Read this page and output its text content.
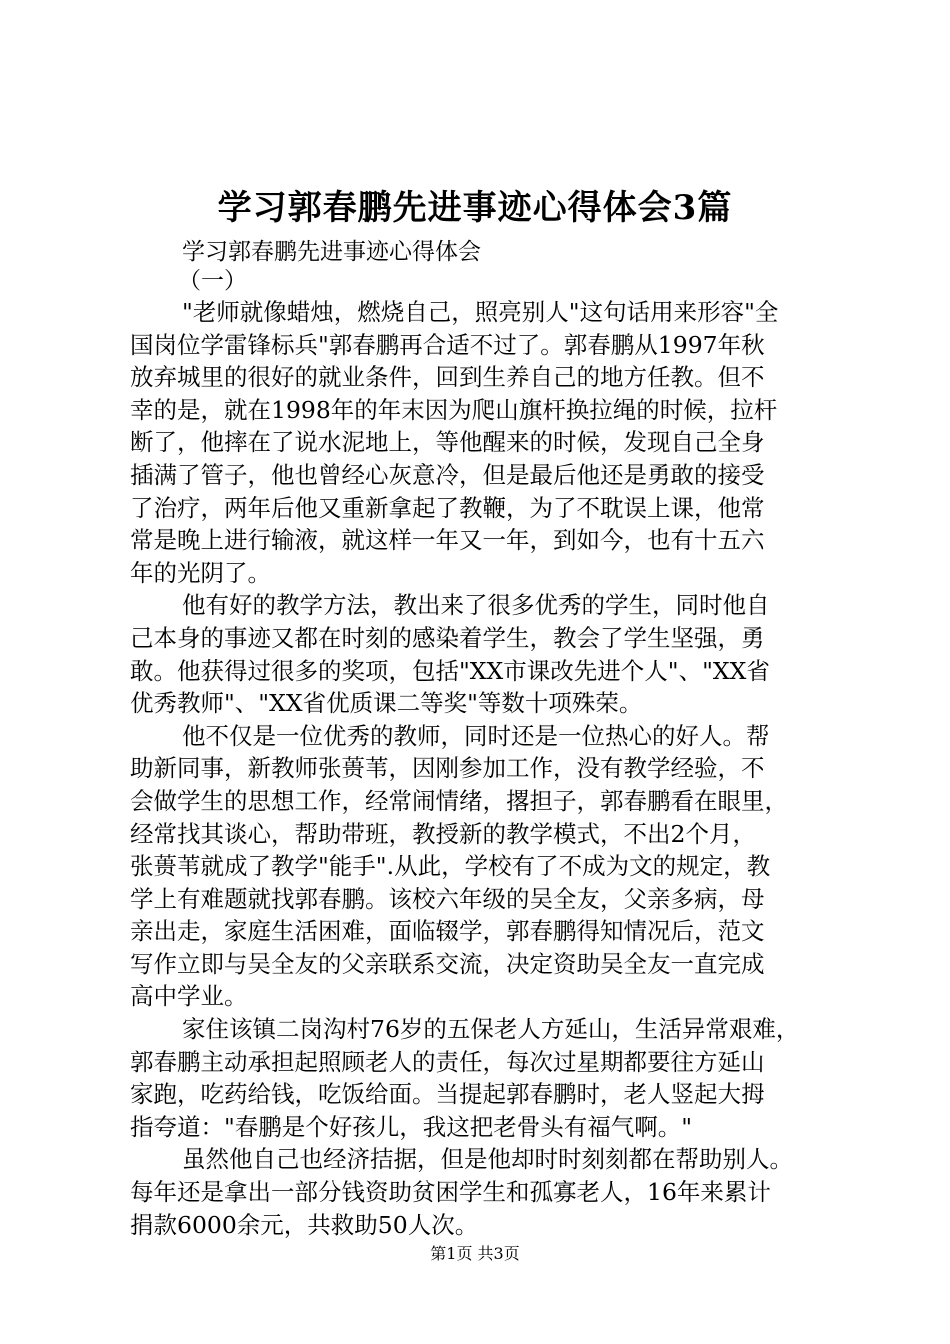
学习郭春鹏先进事迹心得体会3篇
学习郭春鹏先进事迹心得体会
（一）
"老师就像蜡烛，燃烧自己，照亮别人"这句话用来形容"全
国岗位学雷锋标兵"郭春鹏再合适不过了。郭春鹏从1997年秋
放弃城里的很好的就业条件，回到生养自己的地方任教。但不
幸的是，就在1998年的年末因为爬山旗杆换拉绳的时候，拉杆
断了，他摔在了说水泥地上，等他醒来的时候，发现自己全身
插满了管子，他也曾经心灰意冷，但是最后他还是勇敢的接受
了治疗，两年后他又重新拿起了教鞭，为了不耽误上课，他常
常是晚上进行输液，就这样一年又一年，到如今，也有十五六
年的光阴了。
他有好的教学方法，教出来了很多优秀的学生，同时他自
己本身的事迹又都在时刻的感染着学生，教会了学生坚强，勇
敢。他获得过很多的奖项，包括"XX市课改先进个人"、"XX省
优秀教师"、"XX省优质课二等奖"等数十项殊荣。
他不仅是一位优秀的教师，同时还是一位热心的好人。帮
助新同事，新教师张蒉苇，因刚参加工作，没有教学经验，不
会做学生的思想工作，经常闹情绪，撂担子，郭春鹏看在眼里，
经常找其谈心，帮助带班，教授新的教学模式，不出2个月，
张蒉苇就成了教学"能手".从此，学校有了不成为文的规定，教
学上有难题就找郭春鹏。该校六年级的吴全友，父亲多病，母
亲出走，家庭生活困难，面临辍学，郭春鹏得知情况后，范文
写作立即与吴全友的父亲联系交流，决定资助吴全友一直完成
高中学业。
家住该镇二岗沟村76岁的五保老人方延山，生活异常艰难，
郭春鹏主动承担起照顾老人的责任，每次过星期都要往方延山
家跑，吃药给钱，吃饭给面。当提起郭春鹏时，老人竖起大拇
指夸道："春鹏是个好孩儿，我这把老骨头有福气啊。"
虽然他自己也经济拮据，但是他却时时刻刻都在帮助别人。
每年还是拿出一部分钱资助贫困学生和孤寡老人，16年来累计
捐款6000余元，共救助50人次。
第1页 共3页
